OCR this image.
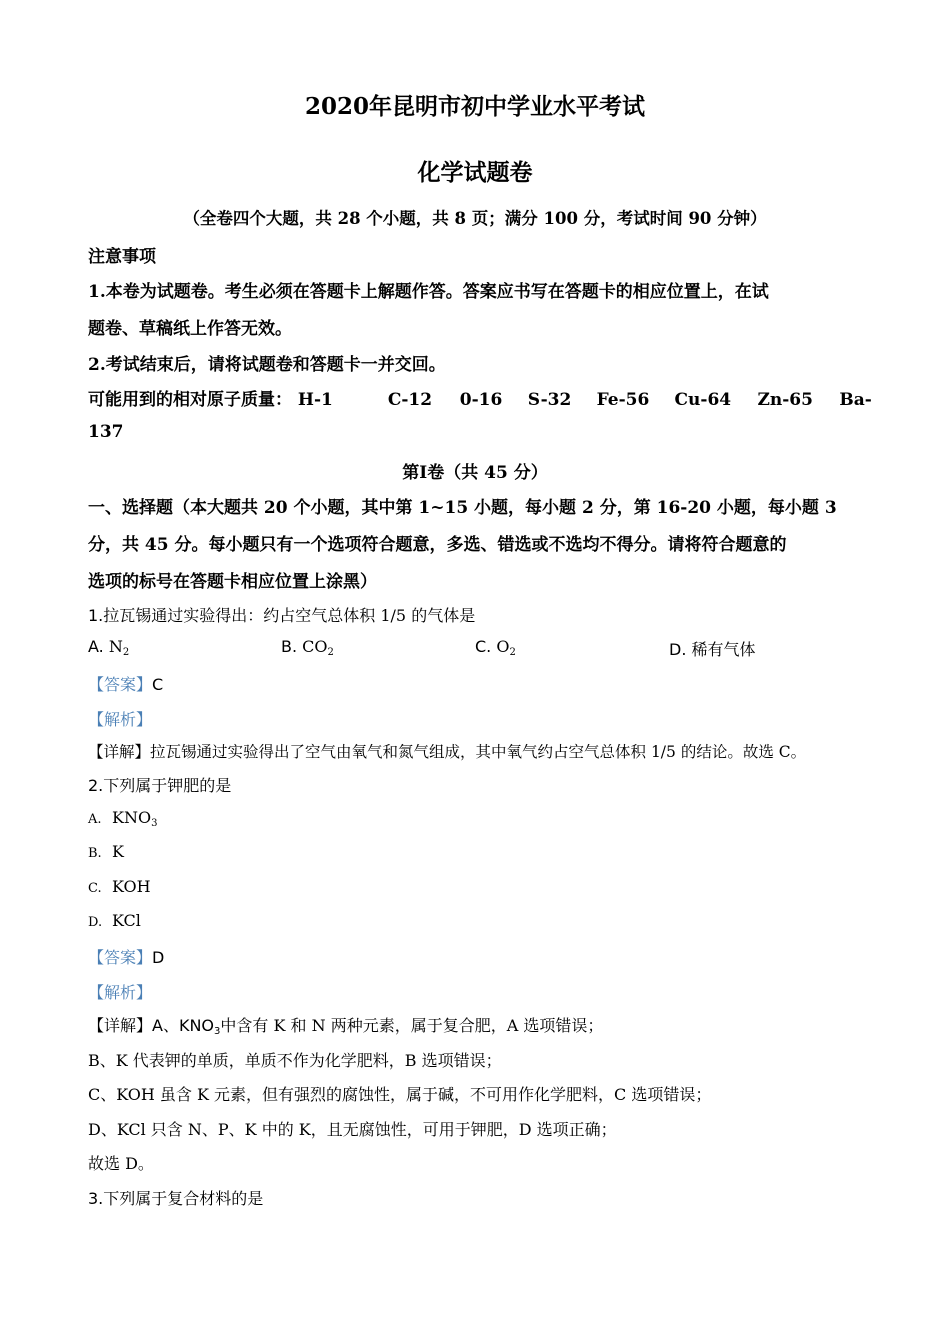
2020年昆明市初中学业水平考试
化学试题卷
（全卷四个大题，共 28 个小题，共 8 页；满分 100 分，考试时间 90 分钟）
注意事项
1.本卷为试题卷。考生必须在答题卡上解题作答。答案应书写在答题卡的相应位置上，在试
题卷、草稿纸上作答无效。
2.考试结束后，请将试题卷和答题卡一并交回。
可能用到的相对原子质量： H-1	C-12 0-16 S-32 Fe-56 Cu-64 Zn-65 Ba-
137
第Ⅰ卷（共 45 分）
一、选择题（本大题共 20 个小题，其中第 1~15 小题，每小题 2 分，第 16-20 小题，每小题 3
分，共 45 分。每小题只有一个选项符合题意，多选、错选或不选均不得分。请将符合题意的
选项的标号在答题卡相应位置上涂黑）
1.拉瓦锡通过实验得出：约占空气总体积 1/5 的气体是
A. $N_2$	B. $CO_2$	C. $O_2$	D. 稀有气体
【答案】C
【解析】
【详解】拉瓦锡通过实验得出了空气由氧气和氮气组成，其中氧气约占空气总体积 1/5 的结论。故选 C。
2.下列属于钾肥的是
A. $KNO_3$
B. K
C. KOH
D. KCl
【答案】D
【解析】
【详解】A、$KNO_3$中含有 K 和 N 两种元素，属于复合肥，A 选项错误；
B、K 代表钾的单质，单质不作为化学肥料，B 选项错误；
C、KOH 虽含 K 元素，但有强烈的腐蚀性，属于碱，不可用作化学肥料，C 选项错误；
D、KCl 只含 N、P、K 中的 K，且无腐蚀性，可用于钾肥，D 选项正确；
故选 D。
3.下列属于复合材料的是
